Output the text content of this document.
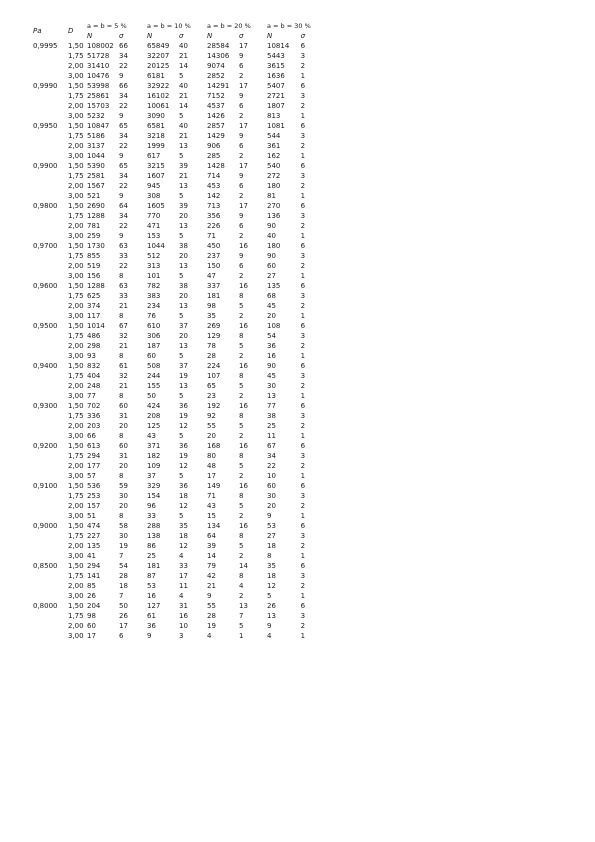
Pa	D	a = b = 5 %		a = b = 10 %		a = b = 20 %		a = b = 30 %	
		N	σ	N	σ	N	σ	N	σ
0,9995	1,50	108002	66	65849	40	28584	17	10814	6
	1,75	51728	34	32207	21	14306	9	5443	3
	2,00	31410	22	20125	14	9074	6	3615	2
	3,00	10476	9	6181	5	2852	2	1636	1
0,9990	1,50	53998	66	32922	40	14291	17	5407	6
	1,75	25861	34	16102	21	7152	9	2721	3
	2,00	15703	22	10061	14	4537	6	1807	2
	3,00	5232	9	3090	5	1426	2	813	1
0,9950	1,50	10847	65	6581	40	2857	17	1081	6
	1,75	5186	34	3218	21	1429	9	544	3
	2,00	3137	22	1999	13	906	6	361	2
	3,00	1044	9	617	5	285	2	162	1
0,9900	1,50	5390	65	3215	39	1428	17	540	6
	1,75	2581	34	1607	21	714	9	272	3
	2,00	1567	22	945	13	453	6	180	2
	3,00	521	9	308	5	142	2	81	1
0,9800	1,50	2690	64	1605	39	713	17	270	6
	1,75	1288	34	770	20	356	9	136	3
	2,00	781	22	471	13	226	6	90	2
	3,00	259	9	153	5	71	2	40	1
0,9700	1,50	1730	63	1044	38	450	16	180	6
	1,75	855	33	512	20	237	9	90	3
	2,00	519	22	313	13	150	6	60	2
	3,00	156	8	101	5	47	2	27	1
0,9600	1,50	1288	63	782	38	337	16	135	6
	1,75	625	33	383	20	181	8	68	3
	2,00	374	21	234	13	98	5	45	2
	3,00	117	8	76	5	35	2	20	1
0,9500	1,50	1014	67	610	37	269	16	108	6
	1,75	486	32	306	20	129	8	54	3
	2,00	298	21	187	13	78	5	36	2
	3,00	93	8	60	5	28	2	16	1
0,9400	1,50	832	61	508	37	224	16	90	6
	1,75	404	32	244	19	107	8	45	3
	2,00	248	21	155	13	65	5	30	2
	3,00	77	8	50	5	23	2	13	1
0,9300	1,50	702	60	424	36	192	16	77	6
	1,75	336	31	208	19	92	8	38	3
	2,00	203	20	125	12	55	5	25	2
	3,00	66	8	43	5	20	2	11	1
0,9200	1,50	613	60	371	36	168	16	67	6
	1,75	294	31	182	19	80	8	34	3
	2,00	177	20	109	12	48	5	22	2
	3,00	57	8	37	5	17	2	10	1
0,9100	1,50	536	59	329	36	149	16	60	6
	1,75	253	30	154	18	71	8	30	3
	2,00	157	20	96	12	43	5	20	2
	3,00	51	8	33	5	15	2	9	1
0,9000	1,50	474	58	288	35	134	16	53	6
	1,75	227	30	138	18	64	8	27	3
	2,00	135	19	86	12	39	5	18	2
	3,00	41	7	25	4	14	2	8	1
0,8500	1,50	294	54	181	33	79	14	35	6
	1,75	141	28	87	17	42	8	18	3
	2,00	85	18	53	11	21	4	12	2
	3,00	26	7	16	4	9	2	5	1
0,8000	1,50	204	50	127	31	55	13	26	6
	1,75	98	26	61	16	28	7	13	3
	2,00	60	17	36	10	19	5	9	2
	3,00	17	6	9	3	4	1	4	1
